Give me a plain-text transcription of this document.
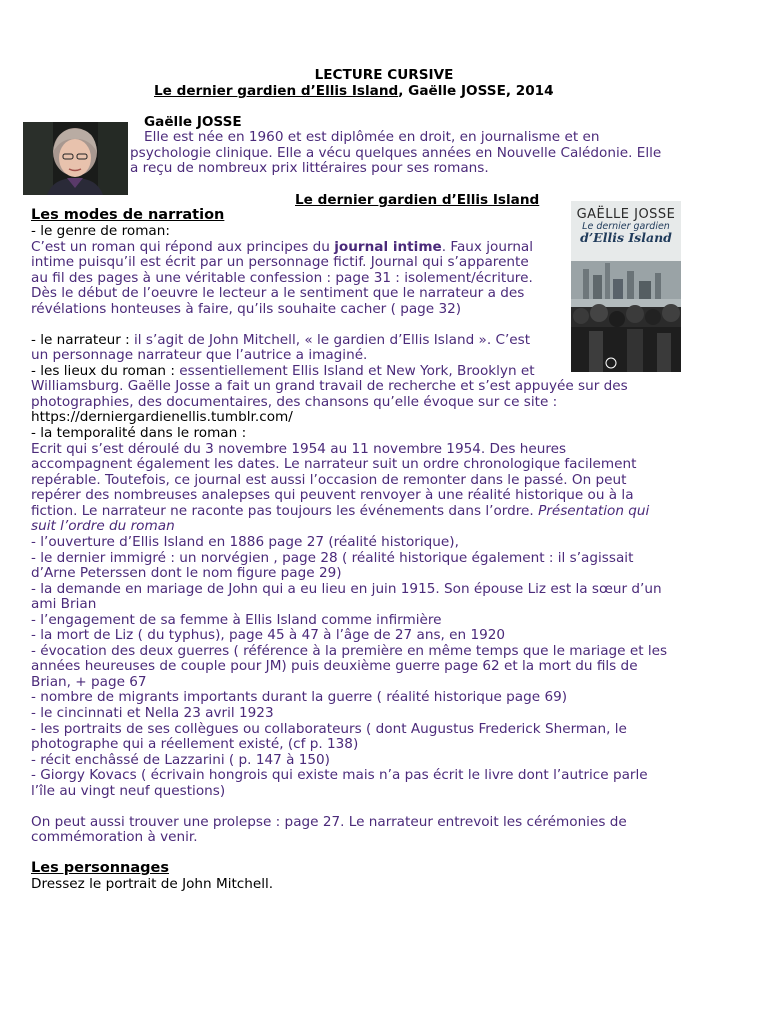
LECTURE CURSIVE
Le dernier gardien d’Ellis Island, Gaëlle JOSSE, 2014
Gaëlle JOSSE
Elle est née en 1960 et est diplômée en droit, en journalisme et en
psychologie clinique. Elle a vécu quelques années en Nouvelle Calédonie. Elle
a reçu de nombreux prix littéraires pour ses romans.
GAËLLE JOSSE
Le dernier gardien
d’Ellis Island
Le dernier gardien d’Ellis Island
Les modes de narration
- le genre de roman:
C’est un roman qui répond aux principes du journal intime. Faux journal
intime puisqu’il est écrit par un personnage fictif. Journal qui s’apparente
au fil des pages à une véritable confession : page 31 : isolement/écriture.
Dès le début de l’oeuvre le lecteur a le sentiment que le narrateur a des
révélations honteuses à faire, qu’ils souhaite cacher ( page 32)
- le narrateur : il s’agit de John Mitchell, « le gardien d’Ellis Island ». C’est
un personnage narrateur que l’autrice a imaginé.
- les lieux du roman : essentiellement Ellis Island et New York, Brooklyn et
Williamsburg. Gaëlle Josse a fait un grand travail de recherche et s’est appuyée sur des
photographies, des documentaires, des chansons qu’elle évoque sur ce site :
https://derniergardienellis.tumblr.com/
- la temporalité dans le roman :
Ecrit qui s’est déroulé du 3 novembre 1954 au 11 novembre 1954. Des heures
accompagnent également les dates. Le narrateur suit un ordre chronologique facilement
repérable. Toutefois, ce journal est aussi l’occasion de remonter dans le passé. On peut
repérer des nombreuses analepses qui peuvent renvoyer à une réalité historique ou à la
fiction. Le narrateur ne raconte pas toujours les événements dans l’ordre. Présentation qui
suit l’ordre du roman
- l’ouverture d’Ellis Island en 1886 page 27 (réalité historique),
- le dernier immigré : un norvégien , page 28 ( réalité historique également : il s’agissait
d’Arne Peterssen dont le nom figure page 29)
- la demande en mariage de John qui a eu lieu en juin 1915. Son épouse Liz est la sœur d’un
ami Brian
- l’engagement de sa femme à Ellis Island comme infirmière
- la mort de Liz ( du typhus), page 45 à 47 à l’âge de 27 ans, en 1920
- évocation des deux guerres ( référence à la première en même temps que le mariage et les
années heureuses de couple pour JM) puis deuxième guerre page 62 et la mort du fils de
Brian, + page 67
- nombre de migrants importants durant la guerre ( réalité historique page 69)
- le cincinnati et Nella 23 avril 1923
- les portraits de ses collègues ou collaborateurs ( dont Augustus Frederick Sherman, le
photographe qui a réellement existé, (cf p. 138)
- récit enchâssé de Lazzarini ( p. 147 à 150)
- Giorgy Kovacs ( écrivain hongrois qui existe mais n’a pas écrit le livre dont l’autrice parle
l’île au vingt neuf questions)
On peut aussi trouver une prolepse : page 27. Le narrateur entrevoit les cérémonies de
commémoration à venir.
Les personnages
Dressez le portrait de John Mitchell.
